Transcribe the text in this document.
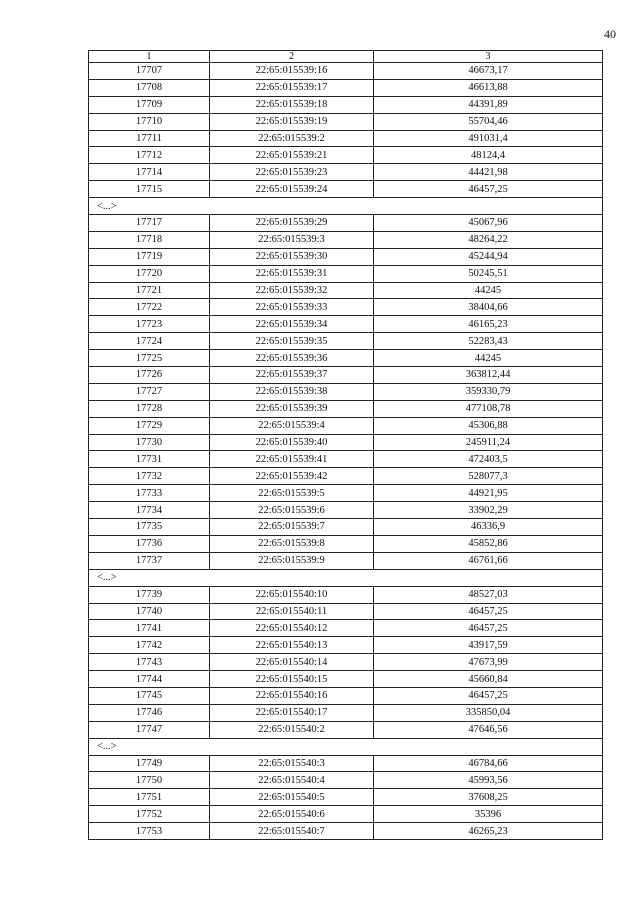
40
1	2	3
17707	22:65:015539:16	46673,17
17708	22:65:015539:17	46613,88
17709	22:65:015539:18	44391,89
17710	22:65:015539:19	55704,46
17711	22:65:015539:2	491031,4
17712	22:65:015539:21	48124,4
17714	22:65:015539:23	44421,98
17715	22:65:015539:24	46457,25
<...>		
17717	22:65:015539:29	45067,96
17718	22:65:015539:3	48264,22
17719	22:65:015539:30	45244,94
17720	22:65:015539:31	50245,51
17721	22:65:015539:32	44245
17722	22:65:015539:33	38404,66
17723	22:65:015539:34	46165,23
17724	22:65:015539:35	52283,43
17725	22:65:015539:36	44245
17726	22:65:015539:37	363812,44
17727	22:65:015539:38	359330,79
17728	22:65:015539:39	477108,78
17729	22:65:015539:4	45306,88
17730	22:65:015539:40	245911,24
17731	22:65:015539:41	472403,5
17732	22:65:015539:42	528077,3
17733	22:65:015539:5	44921,95
17734	22:65:015539:6	33902,29
17735	22:65:015539:7	46336,9
17736	22:65:015539:8	45852,86
17737	22:65:015539:9	46761,66
<...>		
17739	22:65:015540:10	48527,03
17740	22:65:015540:11	46457,25
17741	22:65:015540:12	46457,25
17742	22:65:015540:13	43917,59
17743	22:65:015540:14	47673,99
17744	22:65:015540:15	45660,84
17745	22:65:015540:16	46457,25
17746	22:65:015540:17	335850,04
17747	22:65:015540:2	47646,56
<...>		
17749	22:65:015540:3	46784,66
17750	22:65:015540:4	45993,56
17751	22:65:015540:5	37608,25
17752	22:65:015540:6	35396
17753	22:65:015540:7	46265,23
